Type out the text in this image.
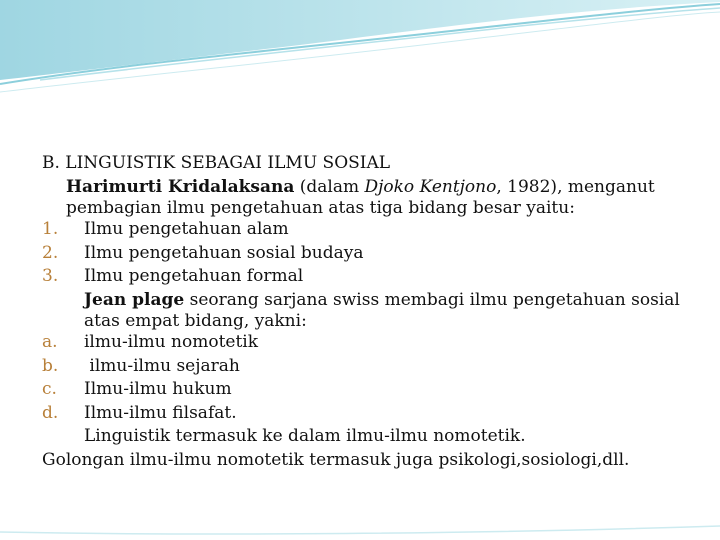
B. LINGUISTIK SEBAGAI ILMU SOSIAL
Harimurti Kridalaksana (dalam Djoko Kentjono, 1982), menganut
pembagian ilmu pengetahuan atas tiga bidang besar yaitu:
1. Ilmu pengetahuan alam
2. Ilmu pengetahuan sosial budaya
3. Ilmu pengetahuan formal
Jean plage seorang sarjana swiss membagi ilmu pengetahuan sosial
atas empat bidang, yakni:
a. ilmu-ilmu nomotetik
b. ilmu-ilmu sejarah
c. Ilmu-ilmu hukum
d. Ilmu-ilmu filsafat.
Linguistik termasuk ke dalam ilmu-ilmu nomotetik.
Golongan ilmu-ilmu nomotetik termasuk juga psikologi,sosiologi,dll.
